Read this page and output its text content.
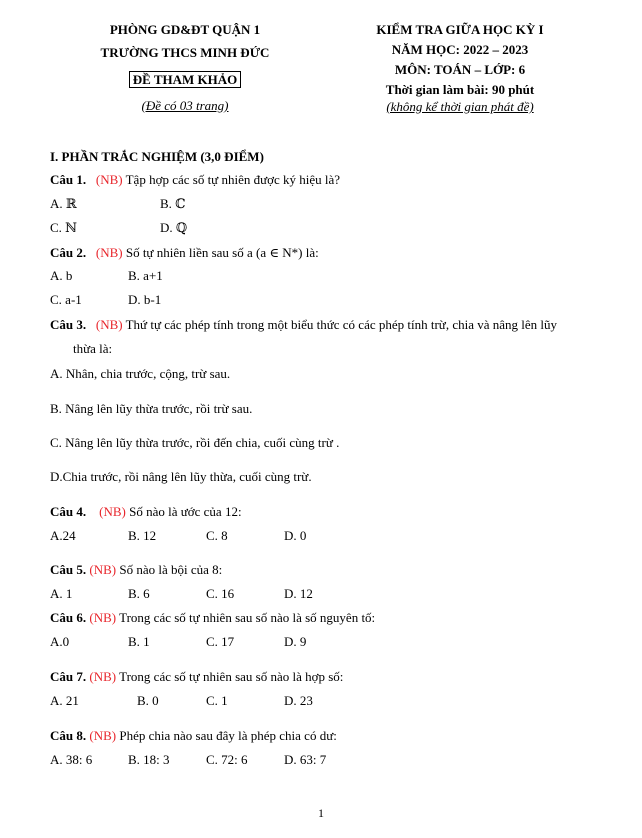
PHÒNG GD&ĐT QUẬN 1
TRƯỜNG THCS MINH ĐỨC
ĐỀ THAM KHẢO
(Đề có 03 trang)
KIỂM TRA GIỮA HỌC KỲ I
NĂM HỌC: 2022 – 2023
MÔN: TOÁN – LỚP: 6
Thời gian làm bài: 90 phút
(không kể thời gian phát đề)
I. PHẦN TRẮC NGHIỆM (3,0 ĐIỂM)
Câu 1. (NB) Tập hợp các số tự nhiên được ký hiệu là?
A. ℝ	B. ℂ
C. ℕ	D. ℚ
Câu 2. (NB) Số tự nhiên liền sau số a (a ∈ N*) là:
A. b	B. a+1
C. a-1	D. b-1
Câu 3. (NB) Thứ tự các phép tính trong một biểu thức có các phép tính trừ, chia và nâng lên lũy
thừa là:
A. Nhân, chia trước, cộng, trừ sau.
B. Nâng lên lũy thừa trước, rồi trừ sau.
C. Nâng lên lũy thừa trước, rồi đến chia, cuối cùng trừ .
D.Chia trước, rồi nâng lên lũy thừa, cuối cùng trừ.
Câu 4. (NB) Số nào là ước của 12:
A.24	B. 12	C. 8	D. 0
Câu 5. (NB) Số nào là bội của 8:
A. 1	B. 6	C. 16	D. 12
Câu 6. (NB) Trong các số tự nhiên sau số nào là số nguyên tố:
A.0	B. 1	C. 17	D. 9
Câu 7. (NB) Trong các số tự nhiên sau số nào là hợp số:
A. 21	B. 0	C. 1	D. 23
Câu 8. (NB) Phép chia nào sau đây là phép chia có dư:
A. 38: 6	B. 18: 3	C. 72: 6	D. 63: 7
1
